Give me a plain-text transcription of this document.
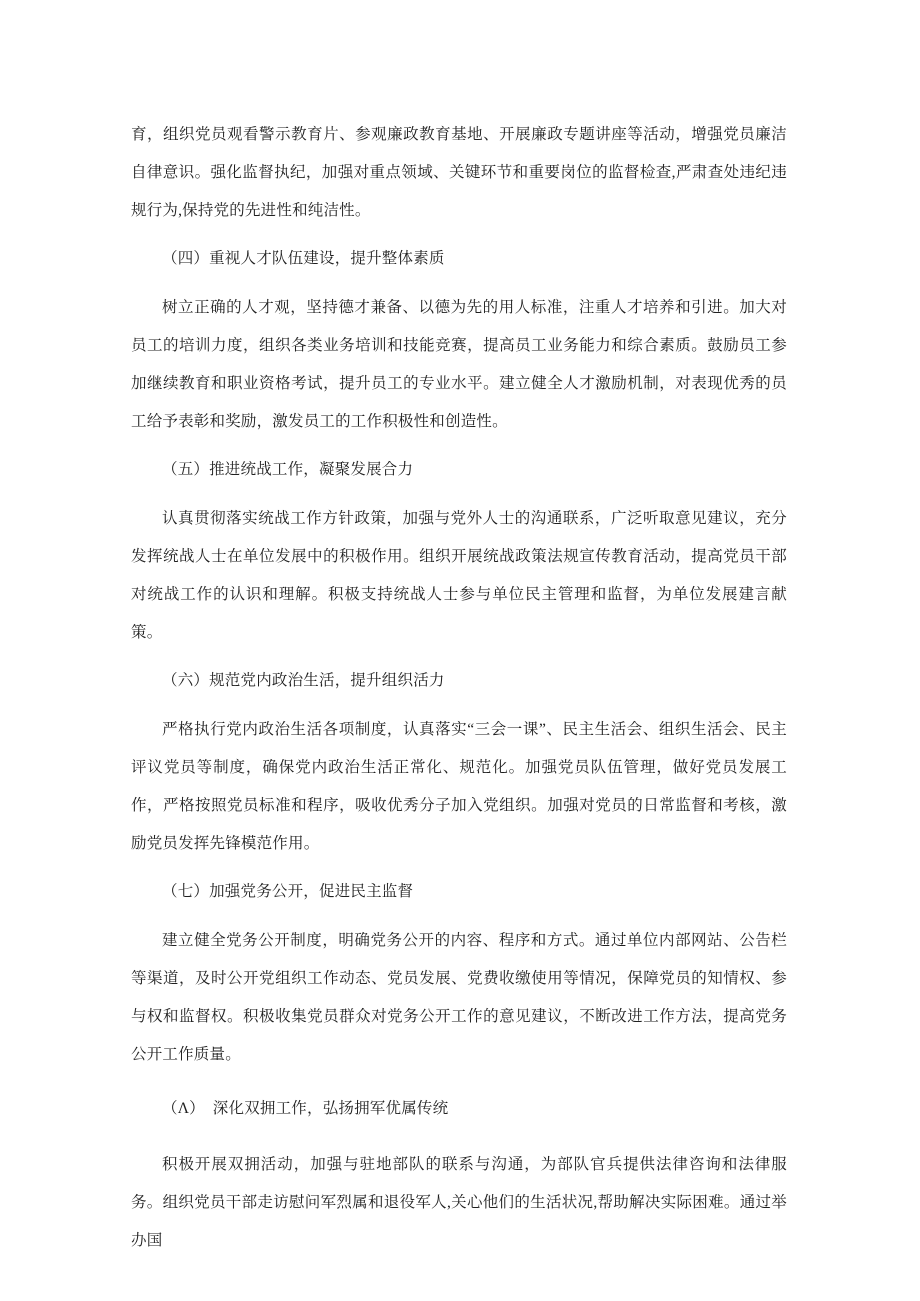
育，组织党员观看警示教育片、参观廉政教育基地、开展廉政专题讲座等活动，增强党员廉洁自律意识。强化监督执纪，加强对重点领域、关键环节和重要岗位的监督检查,严肃查处违纪违规行为,保持党的先进性和纯洁性。

（四）重视人才队伍建设，提升整体素质

树立正确的人才观，坚持德才兼备、以德为先的用人标准，注重人才培养和引进。加大对员工的培训力度，组织各类业务培训和技能竞赛，提高员工业务能力和综合素质。鼓励员工参加继续教育和职业资格考试，提升员工的专业水平。建立健全人才激励机制，对表现优秀的员工给予表彰和奖励，激发员工的工作积极性和创造性。

（五）推进统战工作，凝聚发展合力

认真贯彻落实统战工作方针政策，加强与党外人士的沟通联系，广泛听取意见建议，充分发挥统战人士在单位发展中的积极作用。组织开展统战政策法规宣传教育活动，提高党员干部对统战工作的认识和理解。积极支持统战人士参与单位民主管理和监督，为单位发展建言献策。

（六）规范党内政治生活，提升组织活力

严格执行党内政治生活各项制度，认真落实“三会一课”、民主生活会、组织生活会、民主评议党员等制度，确保党内政治生活正常化、规范化。加强党员队伍管理，做好党员发展工作，严格按照党员标准和程序，吸收优秀分子加入党组织。加强对党员的日常监督和考核，激励党员发挥先锋模范作用。

（七）加强党务公开，促进民主监督

建立健全党务公开制度，明确党务公开的内容、程序和方式。通过单位内部网站、公告栏等渠道，及时公开党组织工作动态、党员发展、党费收缴使用等情况，保障党员的知情权、参与权和监督权。积极收集党员群众对党务公开工作的意见建议，不断改进工作方法，提高党务公开工作质量。

（Λ）　深化双拥工作，弘扬拥军优属传统

积极开展双拥活动，加强与驻地部队的联系与沟通，为部队官兵提供法律咨询和法律服务。组织党员干部走访慰问军烈属和退役军人,关心他们的生活状况,帮助解决实际困难。通过举办国
